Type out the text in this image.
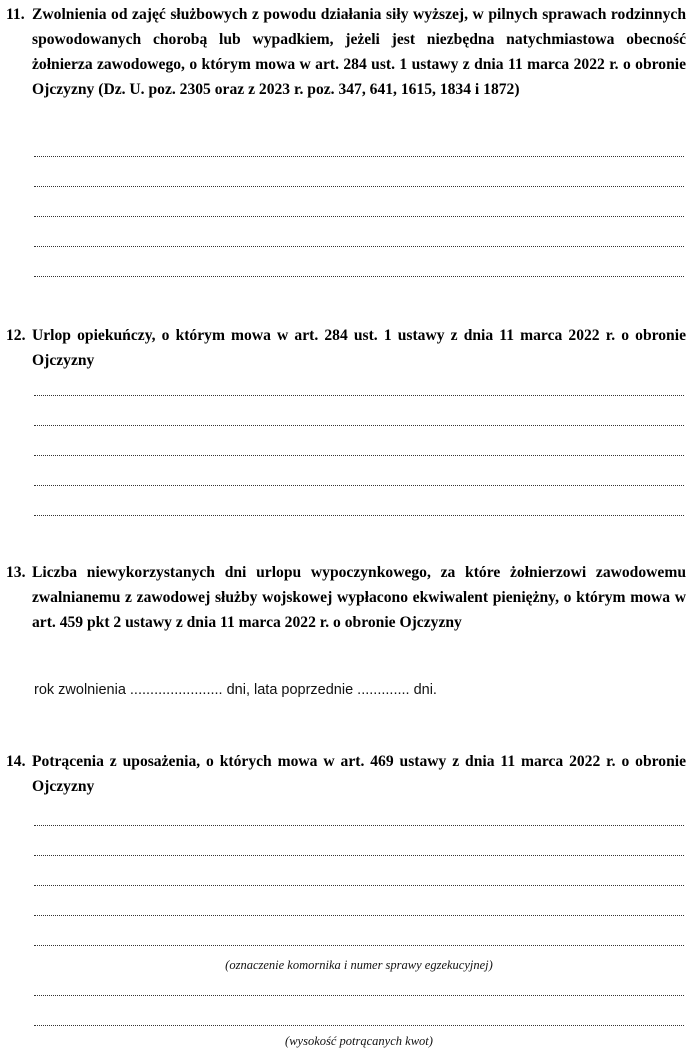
11. Zwolnienia od zajęć służbowych z powodu działania siły wyższej, w pilnych sprawach rodzinnych spowodowanych chorobą lub wypadkiem, jeżeli jest niezbędna natychmiastowa obecność żołnierza zawodowego, o którym mowa w art. 284 ust. 1 ustawy z dnia 11 marca 2022 r. o obronie Ojczyzny (Dz. U. poz. 2305 oraz z 2023 r. poz. 347, 641, 1615, 1834 i 1872)
12. Urlop opiekuńczy, o którym mowa w art. 284 ust. 1 ustawy z dnia 11 marca 2022 r. o obronie Ojczyzny
13. Liczba niewykorzystanych dni urlopu wypoczynkowego, za które żołnierzowi zawodowemu zwalnianemu z zawodowej służby wojskowej wypłacono ekwiwalent pieniężny, o którym mowa w art. 459 pkt 2 ustawy z dnia 11 marca 2022 r. o obronie Ojczyzny
rok zwolnienia ....................... dni, lata poprzednie ............. dni.
14. Potrącenia z uposażenia, o których mowa w art. 469 ustawy z dnia 11 marca 2022 r. o obronie Ojczyzny
(oznaczenie komornika i numer sprawy egzekucyjnej)
(wysokość potrącanych kwot)
